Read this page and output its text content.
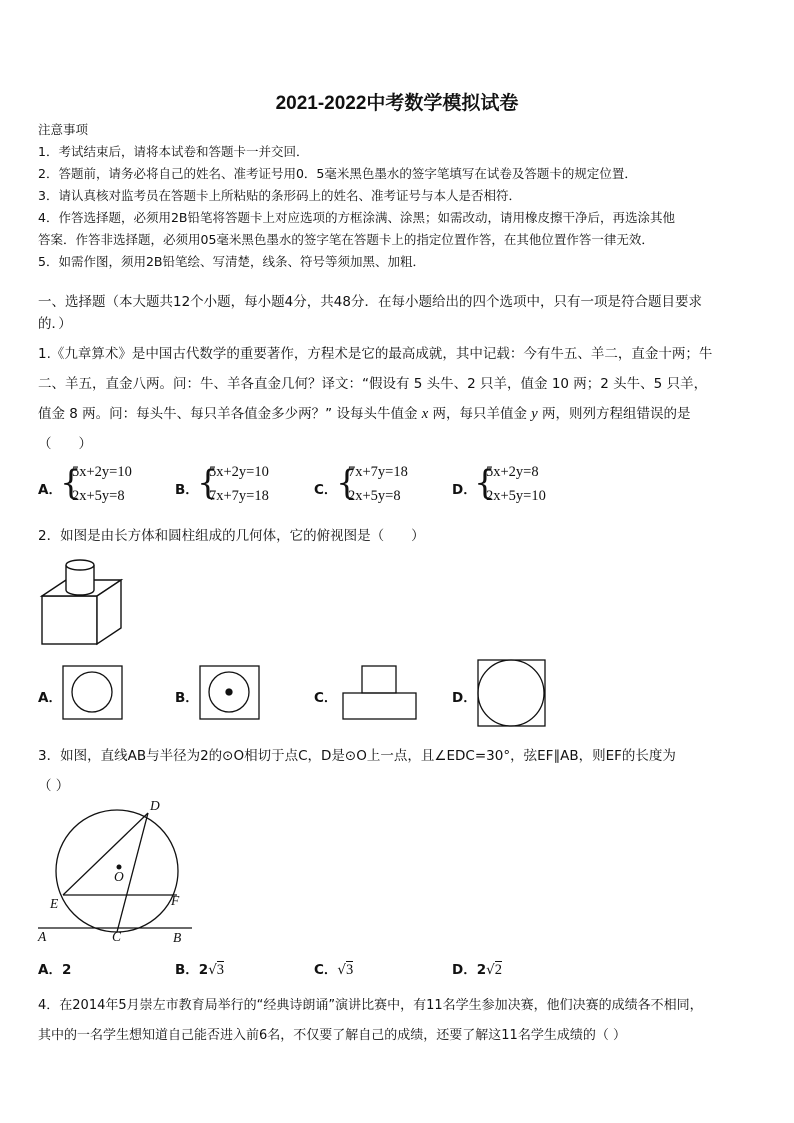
2021-2022中考数学模拟试卷
注意事项
1．考试结束后，请将本试卷和答题卡一并交回．
2．答题前，请务必将自己的姓名、准考证号用0．5毫米黑色墨水的签字笔填写在试卷及答题卡的规定位置．
3．请认真核对监考员在答题卡上所粘贴的条形码上的姓名、准考证号与本人是否相符．
4．作答选择题，必须用2B铅笔将答题卡上对应选项的方框涂满、涂黑；如需改动，请用橡皮擦干净后，再选涂其他
答案．作答非选择题，必须用05毫米黑色墨水的签字笔在答题卡上的指定位置作答，在其他位置作答一律无效．
5．如需作图，须用2B铅笔绘、写清楚，线条、符号等须加黑、加粗．
一、选择题（本大题共12个小题，每小题4分，共48分．在每小题给出的四个选项中，只有一项是符合题目要求
的．）
1.《九章算术》是中国古代数学的重要著作，方程术是它的最高成就，其中记载：今有牛五、羊二，直金十两；牛
二、羊五，直金八两。问：牛、羊各直金几何？译文：“假设有 5 头牛、2 只羊，值金 10 两；2 头牛、5 只羊，
值金 8 两。问：每头牛、每只羊各值金多少两？” 设每头牛值金 x 两，每只羊值金 y 两，则列方程组错误的是
（　　）
A．
{
5x+2y=10
2x+5y=8	B．
{
5x+2y=10
7x+7y=18	C．
{
7x+7y=18
2x+5y=8	D．
{
5x+2y=8
2x+5y=10
2．如图是由长方体和圆柱组成的几何体，它的俯视图是（　　）
A．	B．	C．	D．
3．如图，直线AB与半径为2的⊙O相切于点C，D是⊙O上一点，且∠EDC=30°，弦EF∥AB，则EF的长度为
（ ）
D
O
E	F
A	C	B
A．2	B．2√3	C．√3	D．2√2
4．在2014年5月崇左市教育局举行的“经典诗朗诵”演讲比赛中，有11名学生参加决赛，他们决赛的成绩各不相同，
其中的一名学生想知道自己能否进入前6名，不仅要了解自己的成绩，还要了解这11名学生成绩的（ ）
